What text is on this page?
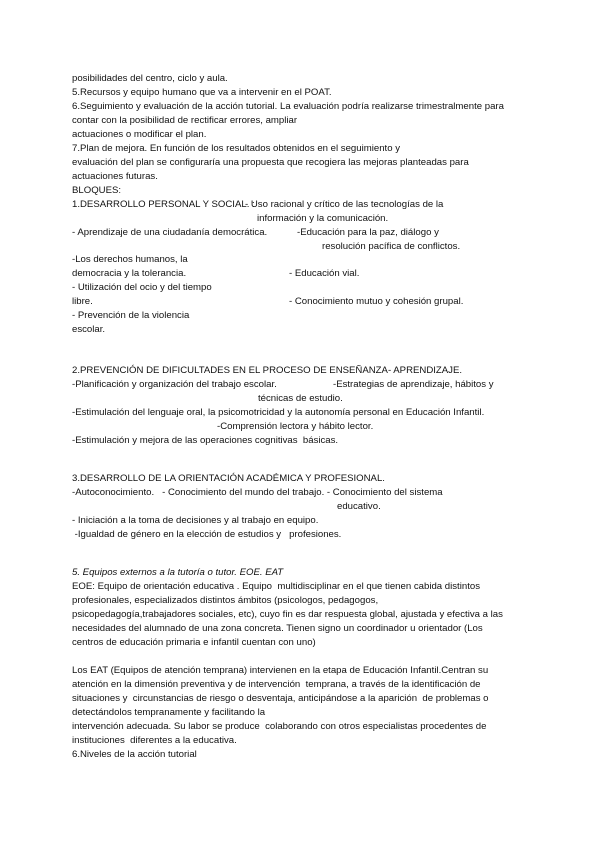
posibilidades del centro, ciclo y aula.
5.Recursos y equipo humano que va a intervenir en el POAT.
6.Seguimiento y evaluación de la acción tutorial. La evaluación podría realizarse trimestralmente para
contar con la posibilidad de rectificar errores, ampliar
actuaciones o modificar el plan.
7.Plan de mejora. En función de los resultados obtenidos en el seguimiento y
evaluación del plan se configuraría una propuesta que recogiera las mejoras planteadas para
actuaciones futuras.
BLOQUES:
1.DESARROLLO PERSONAL Y SOCIAL. :
- Uso racional y crítico de las tecnologías de la
información y la comunicación.
- Aprendizaje de una ciudadanía democrática.	-Educación para la paz, diálogo y
resolución pacífica de conflictos.
-Los derechos humanos, la
democracia y la tolerancia.	- Educación vial.
- Utilización del ocio y del tiempo
libre.	- Conocimiento mutuo y cohesión grupal.
- Prevención de la violencia
escolar.
2.PREVENCIÓN DE DIFICULTADES EN EL PROCESO DE ENSEÑANZA- APRENDIZAJE.
-Planificación y organización del trabajo escolar.	-Estrategias de aprendizaje, hábitos y
técnicas de estudio.
-Estimulación del lenguaje oral, la psicomotricidad y la autonomía personal en Educación Infantil.
-Comprensión lectora y hábito lector.
-Estimulación y mejora de las operaciones cognitivas  básicas.
3.DESARROLLO DE LA ORIENTACIÓN ACADÉMICA Y PROFESIONAL.
-Autoconocimiento.   - Conocimiento del mundo del trabajo. - Conocimiento del sistema
educativo.
- Iniciación a la toma de decisiones y al trabajo en equipo.
-Igualdad de género en la elección de estudios y   profesiones.
5. Equipos externos a la tutoría o tutor. EOE. EAT
EOE: Equipo de orientación educativa . Equipo  multidisciplinar en el que tienen cabida distintos
profesionales, especializados distintos ámbitos (psicologos, pedagogos,
psicopedagogía,trabajadores sociales, etc), cuyo fin es dar respuesta global, ajustada y efectiva a las
necesidades del alumnado de una zona concreta. Tienen signo un coordinador u orientador (Los
centros de educación primaria e infantil cuentan con uno)
Los EAT (Equipos de atención temprana) intervienen en la etapa de Educación Infantil.Centran su
atención en la dimensión preventiva y de intervención  temprana, a través de la identificación de
situaciones y  circunstancias de riesgo o desventaja, anticipándose a la aparición  de problemas o
detectándolos tempranamente y facilitando la
intervención adecuada. Su labor se produce  colaborando con otros especialistas procedentes de
instituciones  diferentes a la educativa.
6.Niveles de la acción tutorial
